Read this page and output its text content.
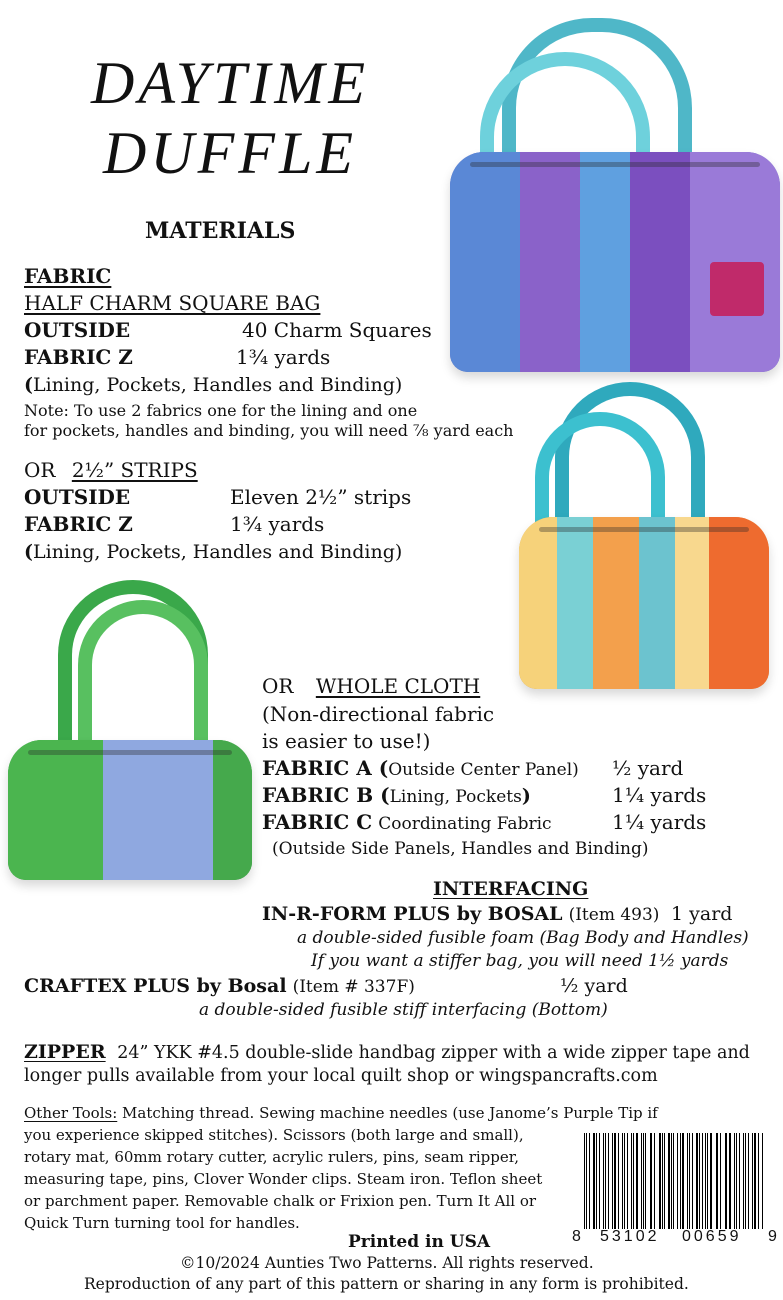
DAYTIME
DUFFLE
MATERIALS
FABRIC
HALF CHARM SQUARE BAG
OUTSIDE	40 Charm Squares
FABRIC Z	1¾ yards
(Lining, Pockets, Handles and Binding)
Note: To use 2 fabrics one for the lining and one
for pockets, handles and binding, you will need ⅞ yard each
OR 2½” STRIPS
OUTSIDE	Eleven 2½” strips
FABRIC Z	1¾ yards
(Lining, Pockets, Handles and Binding)
OR WHOLE CLOTH
(Non-directional fabric
is easier to use!)
FABRIC A (Outside Center Panel) ½ yard
FABRIC B (Lining, Pockets)	1¼ yards
FABRIC C Coordinating Fabric	1¼ yards
(Outside Side Panels, Handles and Binding)
INTERFACING
IN-R-FORM PLUS by BOSAL (Item 493) 1 yard
a double-sided fusible foam (Bag Body and Handles)
If you want a stiffer bag, you will need 1½ yards
CRAFTEX PLUS by Bosal (Item # 337F)	½ yard
a double-sided fusible stiff interfacing (Bottom)
ZIPPER 24” YKK #4.5 double-slide handbag zipper with a wide zipper tape and
longer pulls available from your local quilt shop or wingspancrafts.com
Other Tools: Matching thread. Sewing machine needles (use Janome’s Purple Tip if
you experience skipped stitches). Scissors (both large and small),
rotary mat, 60mm rotary cutter, acrylic rulers, pins, seam ripper,
measuring tape, pins, Clover Wonder clips. Steam iron. Teflon sheet
or parchment paper. Removable chalk or Frixion pen. Turn It All or
Quick Turn turning tool for handles.
Printed in USA
©10/2024 Aunties Two Patterns. All rights reserved.
Reproduction of any part of this pattern or sharing in any form is prohibited.
8 53102 00659 9
